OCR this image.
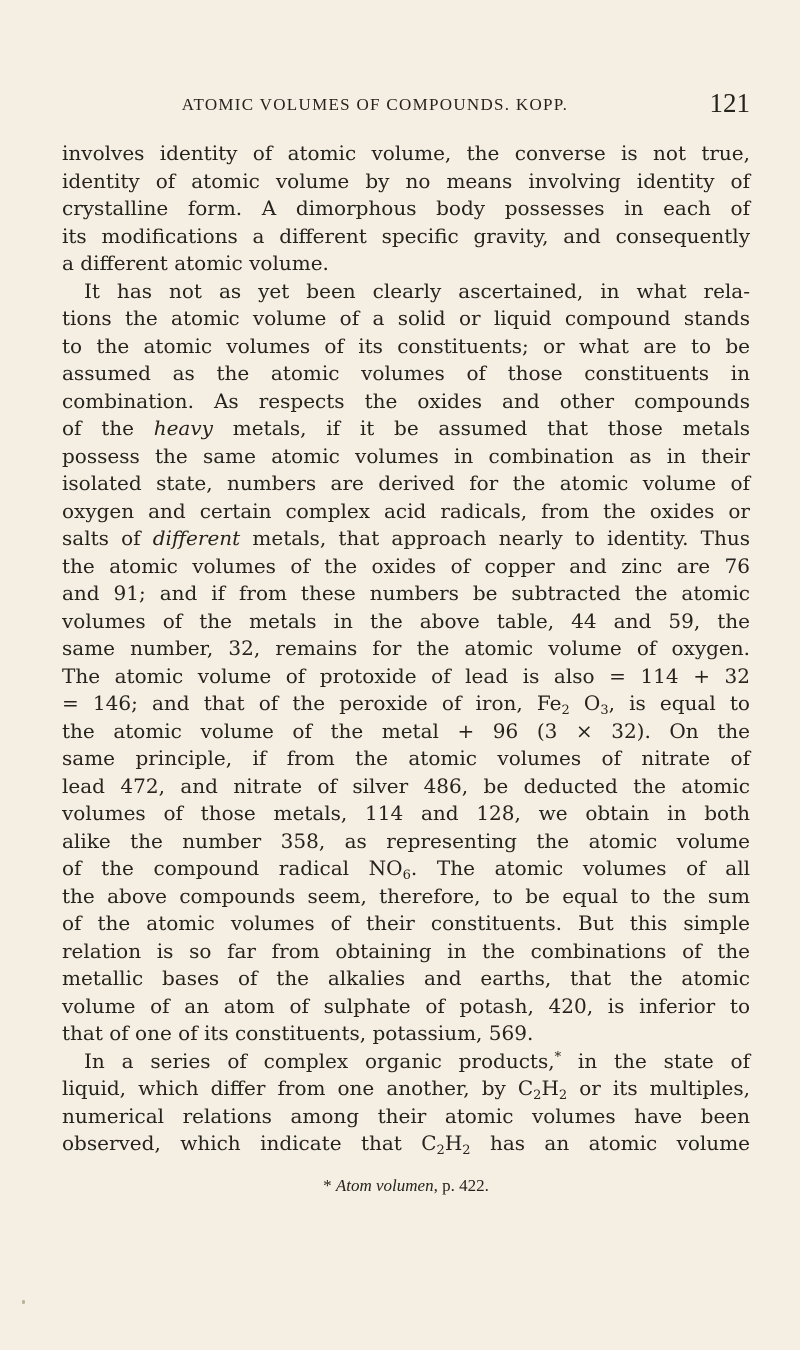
ATOMIC VOLUMES OF COMPOUNDS. KOPP.	121
involves identity of atomic volume, the converse is not true,
identity of atomic volume by no means involving identity of
crystalline form. A dimorphous body possesses in each of
its modifications a different specific gravity, and consequently
a different atomic volume.
It has not as yet been clearly ascertained, in what rela-
tions the atomic volume of a solid or liquid compound stands
to the atomic volumes of its constituents; or what are to be
assumed as the atomic volumes of those constituents in
combination. As respects the oxides and other compounds
of the heavy metals, if it be assumed that those metals
possess the same atomic volumes in combination as in their
isolated state, numbers are derived for the atomic volume of
oxygen and certain complex acid radicals, from the oxides or
salts of different metals, that approach nearly to identity. Thus
the atomic volumes of the oxides of copper and zinc are 76
and 91; and if from these numbers be subtracted the atomic
volumes of the metals in the above table, 44 and 59, the
same number, 32, remains for the atomic volume of oxygen.
The atomic volume of protoxide of lead is also = 114 + 32
= 146; and that of the peroxide of iron, $Fe_2$ $O_3$, is equal to
the atomic volume of the metal + 96 (3 × 32). On the
same principle, if from the atomic volumes of nitrate of
lead 472, and nitrate of silver 486, be deducted the atomic
volumes of those metals, 114 and 128, we obtain in both
alike the number 358, as representing the atomic volume
of the compound radical $NO_6$. The atomic volumes of all
the above compounds seem, therefore, to be equal to the sum
of the atomic volumes of their constituents. But this simple
relation is so far from obtaining in the combinations of the
metallic bases of the alkalies and earths, that the atomic
volume of an atom of sulphate of potash, 420, is inferior to
that of one of its constituents, potassium, 569.
In a series of complex organic products,* in the state of
liquid, which differ from one another, by $C_2H_2$ or its multiples,
numerical relations among their atomic volumes have been
observed, which indicate that $C_2H_2$ has an atomic volume
* Atom volumen, p. 422.
